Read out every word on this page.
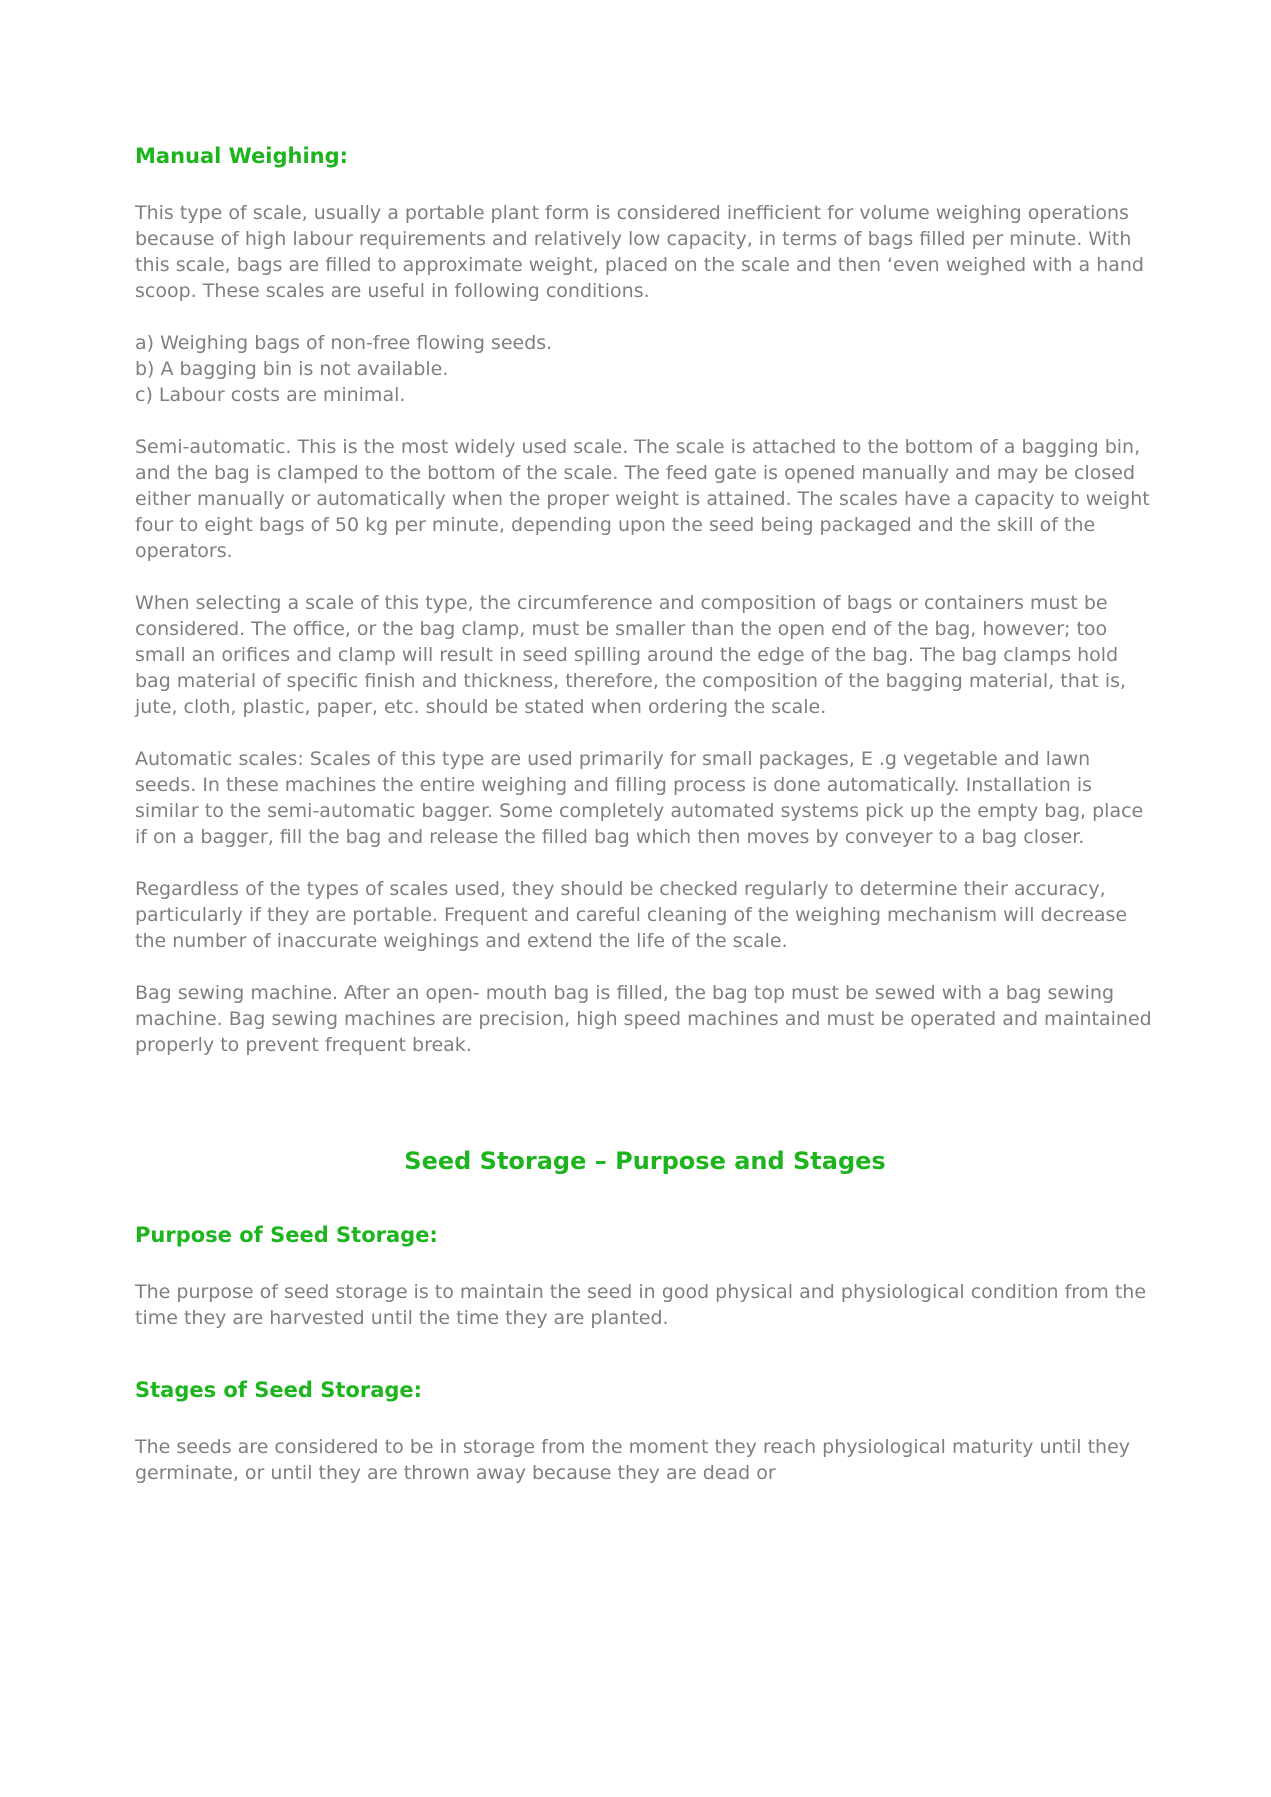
Manual Weighing:

This type of scale, usually a portable plant form is considered inefficient for volume weighing operations because of high labour requirements and relatively low capacity, in terms of bags filled per minute. With this scale, bags are filled to approximate weight, placed on the scale and then ‘even weighed with a hand scoop. These scales are useful in following conditions.

a) Weighing bags of non-free flowing seeds.
b) A bagging bin is not available.
c) Labour costs are minimal.

Semi-automatic. This is the most widely used scale. The scale is attached to the bottom of a bagging bin, and the bag is clamped to the bottom of the scale. The feed gate is opened manually and may be closed either manually or automatically when the proper weight is attained. The scales have a capacity to weight four to eight bags of 50 kg per minute, depending upon the seed being packaged and the skill of the operators.

When selecting a scale of this type, the circumference and composition of bags or containers must be considered. The office, or the bag clamp, must be smaller than the open end of the bag, however; too small an orifices and clamp will result in seed spilling around the edge of the bag. The bag clamps hold bag material of specific finish and thickness, therefore, the composition of the bagging material, that is, jute, cloth, plastic, paper, etc. should be stated when ordering the scale.

Automatic scales: Scales of this type are used primarily for small packages, E .g vegetable and lawn seeds. In these machines the entire weighing and filling process is done automatically. Installation is similar to the semi-automatic bagger. Some completely automated systems pick up the empty bag, place if on a bagger, fill the bag and release the filled bag which then moves by conveyer to a bag closer.

Regardless of the types of scales used, they should be checked regularly to determine their accuracy, particularly if they are portable. Frequent and careful cleaning of the weighing mechanism will decrease the number of inaccurate weighings and extend the life of the scale.

Bag sewing machine. After an open- mouth bag is filled, the bag top must be sewed with a bag sewing machine. Bag sewing machines are precision, high speed machines and must be operated and maintained properly to prevent frequent break.

Seed Storage – Purpose and Stages
Purpose of Seed Storage:

The purpose of seed storage is to maintain the seed in good physical and physiological condition from the time they are harvested until the time they are planted.

Stages of Seed Storage:

The seeds are considered to be in storage from the moment they reach physiological maturity until they germinate, or until they are thrown away because they are dead or
